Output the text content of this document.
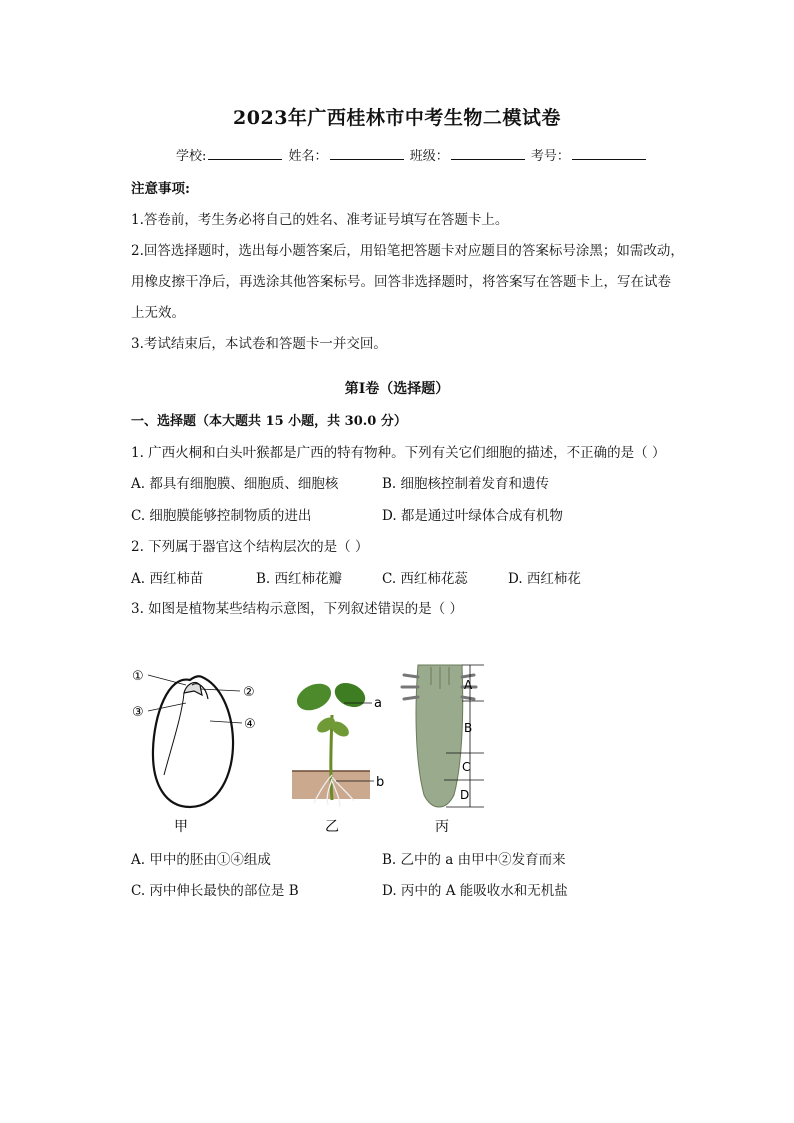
2023年广西桂林市中考生物二模试卷
学校:	姓名：	班级：	考号：
注意事项:
1.答卷前，考生务必将自己的姓名、准考证号填写在答题卡上。
2.回答选择题时，选出每小题答案后，用铅笔把答题卡对应题目的答案标号涂黑；如需改动，
用橡皮擦干净后，再选涂其他答案标号。回答非选择题时，将答案写在答题卡上，写在试卷
上无效。
3.考试结束后，本试卷和答题卡一并交回。
第Ⅰ卷（选择题）
一、选择题（本大题共 15 小题，共 30.0 分）
1. 广西火桐和白头叶猴都是广西的特有物种。下列有关它们细胞的描述，不正确的是（ ）
A. 都具有细胞膜、细胞质、细胞核	B. 细胞核控制着发育和遗传
C. 细胞膜能够控制物质的进出	D. 都是通过叶绿体合成有机物
2. 下列属于器官这个结构层次的是（ ）
A. 西红柿苗	B. 西红柿花瓣	C. 西红柿花蕊	D. 西红柿花
3. 如图是植物某些结构示意图，下列叙述错误的是（ ）
①
②
③
④
a
b
A
B
C
D
甲	乙	丙
A. 甲中的胚由①④组成	B. 乙中的 a 由甲中②发育而来
C. 丙中伸长最快的部位是 B	D. 丙中的 A 能吸收水和无机盐
